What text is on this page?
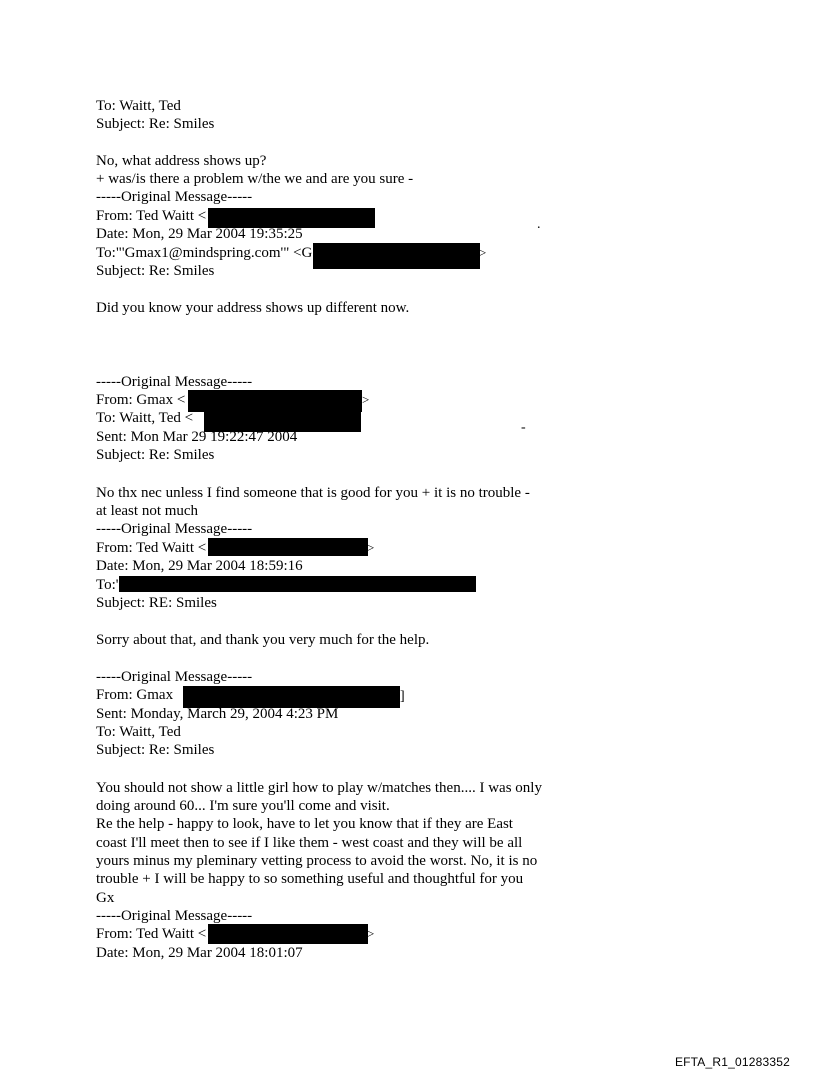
To: Waitt, Ted
Subject: Re: Smiles
No, what address shows up?
+ was/is there a problem w/the we and are you sure -
-----Original Message-----
From: Ted Waitt <
Date: Mon, 29 Mar 2004 19:35:25
.
To:"'Gmax1@mindspring.com'" <G	>
Subject: Re: Smiles
Did you know your address shows up different now.
-----Original Message-----
From: Gmax <	>
To: Waitt, Ted <
Sent: Mon Mar 29 19:22:47 2004
-
Subject: Re: Smiles
No thx nec unless I find someone that is good for you + it is no trouble -
at least not much
-----Original Message-----
From: Ted Waitt <	>
Date: Mon, 29 Mar 2004 18:59:16
To:'
Subject: RE: Smiles
Sorry about that, and thank you very much for the help.
-----Original Message-----
From: Gmax	]
Sent: Monday, March 29, 2004 4:23 PM
To: Waitt, Ted
Subject: Re: Smiles
You should not show a little girl how to play w/matches then.... I was only
doing around 60... I'm sure you'll come and visit.
Re the help - happy to look, have to let you know that if they are East
coast I'll meet then to see if I like them - west coast and they will be all
yours minus my pleminary vetting process to avoid the worst. No, it is no
trouble + I will be happy to so something useful and thoughtful for you
Gx
-----Original Message-----
From: Ted Waitt <	>
Date: Mon, 29 Mar 2004 18:01:07
EFTA_R1_01283352
